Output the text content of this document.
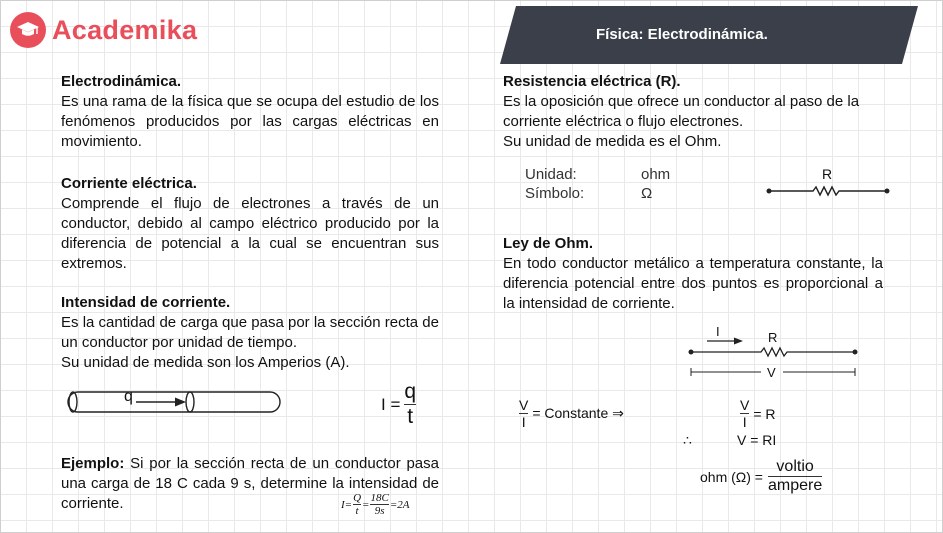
Academika	Física: Electrodinámica.
Electrodinámica.
Es una rama de la física que se ocupa del estudio de los fenómenos producidos por las cargas eléctricas en movimiento.
Corriente eléctrica.
Comprende el flujo de electrones a través de un conductor, debido al campo eléctrico producido por la diferencia de potencial a la cual se encuentran sus extremos.
Intensidad de corriente.
Es la cantidad de carga que pasa por la sección recta de un conductor por unidad de tiempo.
Su unidad de medida son los Amperios (A).
q	$I = \frac{q}{t}$
Ejemplo: Si por la sección recta de un conductor pasa una carga de 18 C cada 9 s, determine la intensidad de corriente.	$I= \frac{Q}{t} = \frac{18C}{9s} =2A$
Resistencia eléctrica (R).
Es la oposición que ofrece un conductor al paso de la corriente eléctrica o flujo electrones.
Su unidad de medida es el Ohm.
Unidad:	ohm
Símbolo:	Ω
R
Ley de Ohm.
En todo conductor metálico a temperatura constante, la diferencia potencial entre dos puntos es proporcional a la intensidad de corriente.
I	R
V
$\frac{V}{I}$ = Constante ⇒	$\frac{V}{I} = R$
∴	V = RI
ohm $(\Omega) = \frac{\text{voltio}}{\text{ampere}}$
